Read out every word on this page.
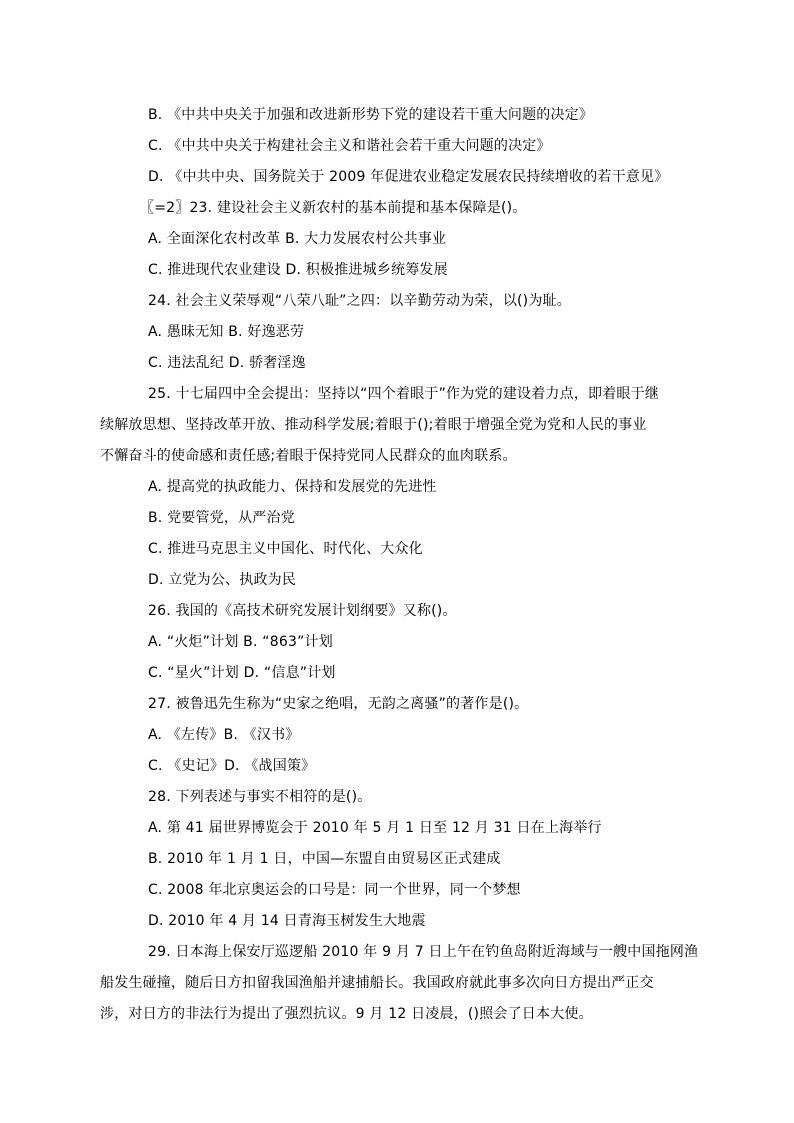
B. 《中共中央关于加强和改进新形势下党的建设若干重大问题的决定》
C. 《中共中央关于构建社会主义和谐社会若干重大问题的决定》
D. 《中共中央、国务院关于 2009 年促进农业稳定发展农民持续增收的若干意见》
〖=2〗23. 建设社会主义新农村的基本前提和基本保障是()。
A. 全面深化农村改革 B. 大力发展农村公共事业
C. 推进现代农业建设 D. 积极推进城乡统筹发展
24. 社会主义荣辱观“八荣八耻”之四：以辛勤劳动为荣，以()为耻。
A. 愚昧无知 B. 好逸恶劳
C. 违法乱纪 D. 骄奢淫逸
25. 十七届四中全会提出：坚持以“四个着眼于”作为党的建设着力点，即着眼于继
续解放思想、坚持改革开放、推动科学发展;着眼于();着眼于增强全党为党和人民的事业
不懈奋斗的使命感和责任感;着眼于保持党同人民群众的血肉联系。
A. 提高党的执政能力、保持和发展党的先进性
B. 党要管党，从严治党
C. 推进马克思主义中国化、时代化、大众化
D. 立党为公、执政为民
26. 我国的《高技术研究发展计划纲要》又称()。
A. “火炬”计划 B. “863”计划
C. “星火”计划 D. “信息”计划
27. 被鲁迅先生称为“史家之绝唱，无韵之离骚”的著作是()。
A. 《左传》B. 《汉书》
C. 《史记》D. 《战国策》
28. 下列表述与事实不相符的是()。
A. 第 41 届世界博览会于 2010 年 5 月 1 日至 12 月 31 日在上海举行
B. 2010 年 1 月 1 日，中国—东盟自由贸易区正式建成
C. 2008 年北京奥运会的口号是：同一个世界，同一个梦想
D. 2010 年 4 月 14 日青海玉树发生大地震
29. 日本海上保安厅巡逻船 2010 年 9 月 7 日上午在钓鱼岛附近海域与一艘中国拖网渔
船发生碰撞，随后日方扣留我国渔船并逮捕船长。我国政府就此事多次向日方提出严正交
涉，对日方的非法行为提出了强烈抗议。9 月 12 日凌晨，()照会了日本大使。
